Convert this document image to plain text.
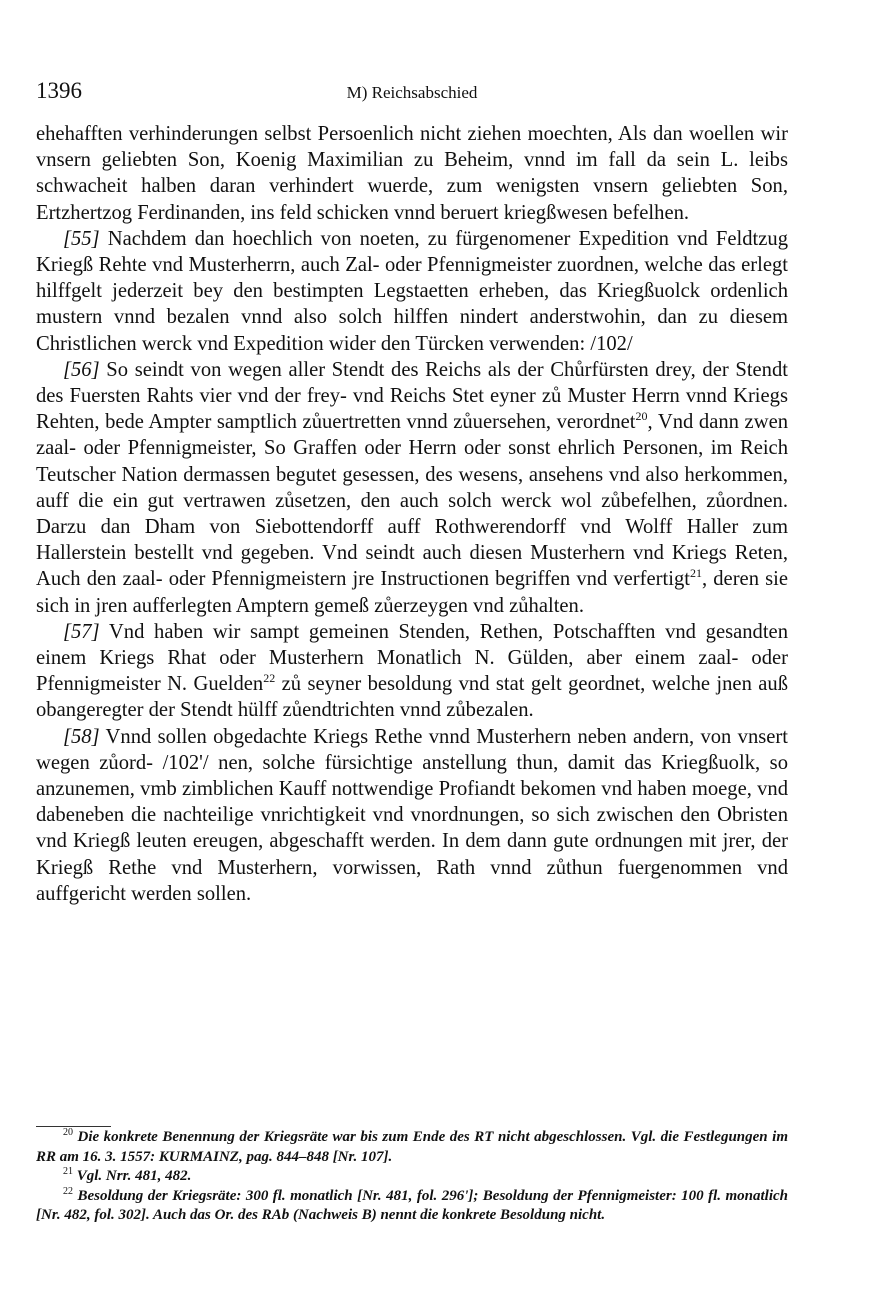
1396	M) Reichsabschied

ehehafften verhinderungen selbst Persoenlich nicht ziehen moechten, Als dan woellen wir vnsern geliebten Son, Koenig Maximilian zu Beheim, vnnd im fall da sein L. leibs schwacheit halben daran verhindert wuerde, zum wenigsten vnsern geliebten Son, Ertzhertzog Ferdinanden, ins feld schicken vnnd beruert kriegßwesen befelhen.

[55] Nachdem dan hoechlich von noeten, zu fürgenomener Expedition vnd Feldtzug Kriegß Rehte vnd Musterherrn, auch Zal- oder Pfennigmeister zuordnen, welche das erlegt hilffgelt jederzeit bey den bestimpten Legstaetten erheben, das Kriegßuolck ordenlich mustern vnnd bezalen vnnd also solch hilffen nindert anderstwohin, dan zu diesem Christlichen werck vnd Expedition wider den Türcken verwenden: /102/

[56] So seindt von wegen aller Stendt des Reichs als der Chůrfürsten drey, der Stendt des Fuersten Rahts vier vnd der frey- vnd Reichs Stet eyner zů Muster Herrn vnnd Kriegs Rehten, bede Ampter samptlich zůuertretten vnnd zůuersehen, verordnet$^{20}$, Vnd dann zwen zaal- oder Pfennigmeister, So Graffen oder Herrn oder sonst ehrlich Personen, im Reich Teutscher Nation dermassen begutet gesessen, des wesens, ansehens vnd also herkommen, auff die ein gut vertrawen zůsetzen, den auch solch werck wol zůbefelhen, zůordnen. Darzu dan Dham von Siebottendorff auff Rothwerendorff vnd Wolff Haller zum Hallerstein bestellt vnd gegeben. Vnd seindt auch diesen Musterhern vnd Kriegs Reten, Auch den zaal- oder Pfennigmeistern jre Instructionen begriffen vnd verfertigt$^{21}$, deren sie sich in jren aufferlegten Amptern gemeß zůerzeygen vnd zůhalten.

[57] Vnd haben wir sampt gemeinen Stenden, Rethen, Potschafften vnd gesandten einem Kriegs Rhat oder Musterhern Monatlich N. Gülden, aber einem zaal- oder Pfennigmeister N. Guelden$^{22}$ zů seyner besoldung vnd stat gelt geordnet, welche jnen auß obangeregter der Stendt hülff zůendtrichten vnnd zůbezalen.

[58] Vnnd sollen obgedachte Kriegs Rethe vnnd Musterhern neben andern, von vnsert wegen zůord- /102'/ nen, solche fürsichtige anstellung thun, damit das Kriegßuolk, so anzunemen, vmb zimblichen Kauff nottwendige Profiandt bekomen vnd haben moege, vnd dabeneben die nachteilige vnrichtigkeit vnd vnordnungen, so sich zwischen den Obristen vnd Kriegß leuten ereugen, abgeschafft werden. In dem dann gute ordnungen mit jrer, der Kriegß Rethe vnd Musterhern, vorwissen, Rath vnnd zůthun fuergenommen vnd auffgericht werden sollen.

$^{20}$ Die konkrete Benennung der Kriegsräte war bis zum Ende des RT nicht abgeschlossen. Vgl. die Festlegungen im RR am 16. 3. 1557: KURMAINZ, pag. 844–848 [Nr. 107].

$^{21}$ Vgl. Nrr. 481, 482.

$^{22}$ Besoldung der Kriegsräte: 300 fl. monatlich [Nr. 481, fol. 296']; Besoldung der Pfennigmeister: 100 fl. monatlich [Nr. 482, fol. 302]. Auch das Or. des RAb (Nachweis B) nennt die konkrete Besoldung nicht.
